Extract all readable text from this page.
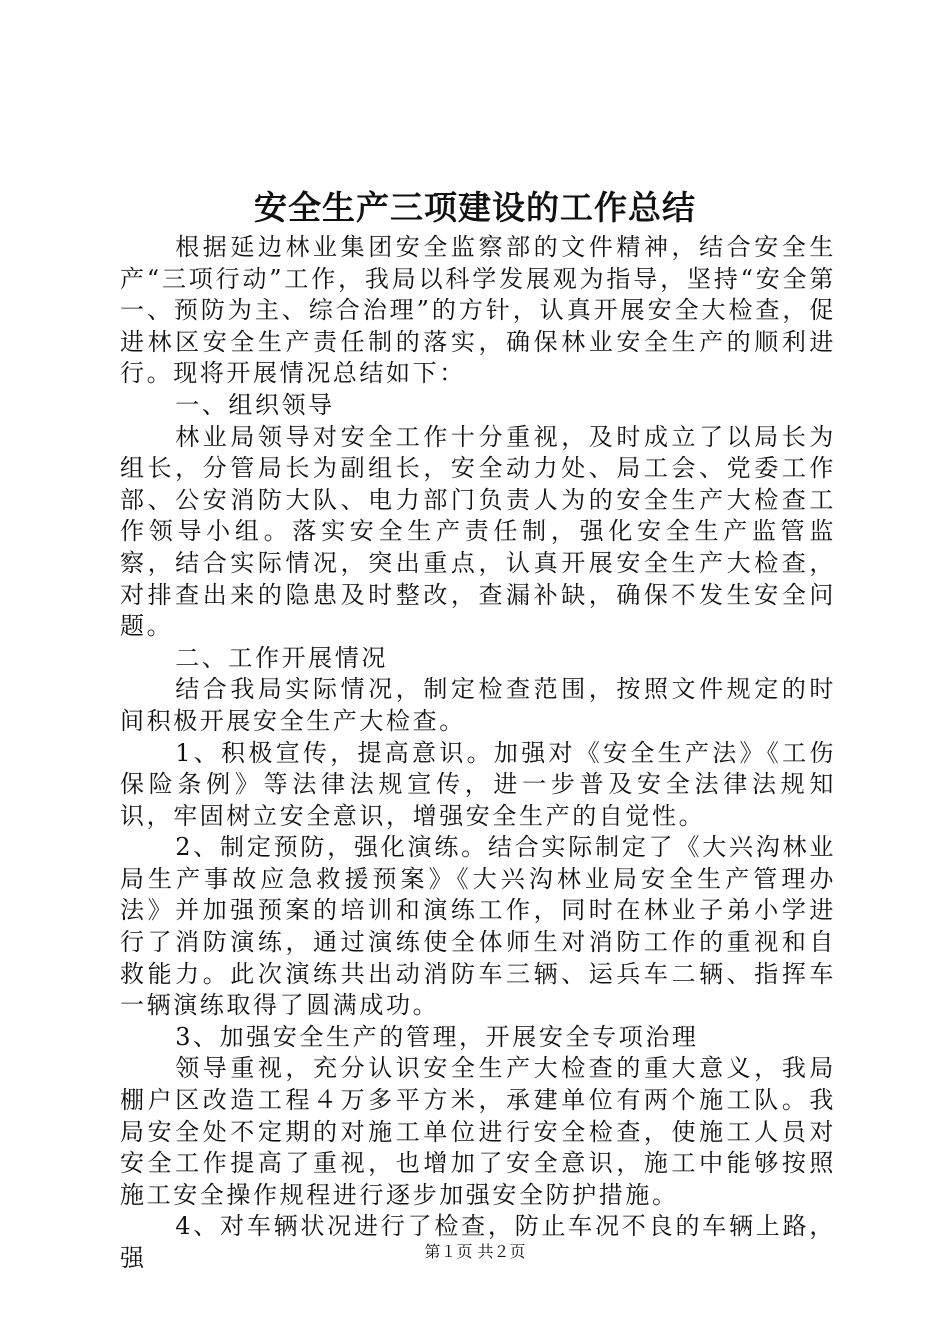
安全生产三项建设的工作总结

根据延边林业集团安全监察部的文件精神，结合安全生产“三项行动”工作，我局以科学发展观为指导，坚持“安全第一、预防为主、综合治理”的方针，认真开展安全大检查，促进林区安全生产责任制的落实，确保林业安全生产的顺利进行。现将开展情况总结如下：

一、组织领导

林业局领导对安全工作十分重视，及时成立了以局长为组长，分管局长为副组长，安全动力处、局工会、党委工作部、公安消防大队、电力部门负责人为的安全生产大检查工作领导小组。落实安全生产责任制，强化安全生产监管监察，结合实际情况，突出重点，认真开展安全生产大检查，对排查出来的隐患及时整改，查漏补缺，确保不发生安全问题。

二、工作开展情况

结合我局实际情况，制定检查范围，按照文件规定的时间积极开展安全生产大检查。

1、积极宣传，提高意识。加强对《安全生产法》《工伤保险条例》等法律法规宣传，进一步普及安全法律法规知识，牢固树立安全意识，增强安全生产的自觉性。

2、制定预防，强化演练。结合实际制定了《大兴沟林业局生产事故应急救援预案》《大兴沟林业局安全生产管理办法》并加强预案的培训和演练工作，同时在林业子弟小学进行了消防演练，通过演练使全体师生对消防工作的重视和自救能力。此次演练共出动消防车三辆、运兵车二辆、指挥车一辆演练取得了圆满成功。

3、加强安全生产的管理，开展安全专项治理

领导重视，充分认识安全生产大检查的重大意义，我局棚户区改造工程４万多平方米，承建单位有两个施工队。我局安全处不定期的对施工单位进行安全检查，使施工人员对安全工作提高了重视，也增加了安全意识，施工中能够按照施工安全操作规程进行逐步加强安全防护措施。

4、对车辆状况进行了检查，防止车况不良的车辆上路，强	第１页 共２页
